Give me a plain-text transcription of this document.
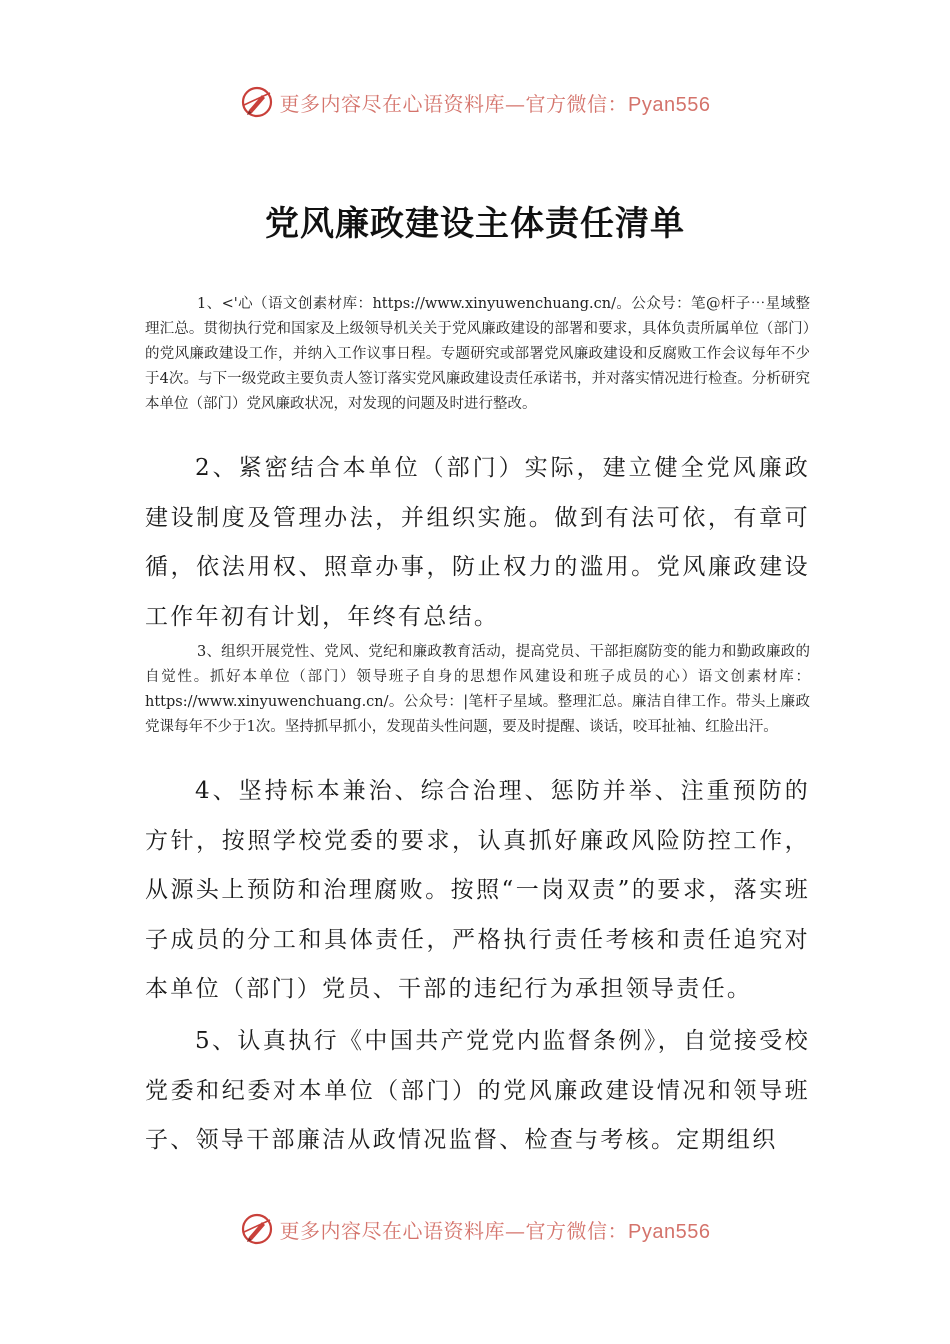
更多内容尽在心语资料库—官方微信：Pyan556
党风廉政建设主体责任清单

1、<'心（语文创素材库：https://www.xinyuwenchuang.cn/。公众号：笔@杆子⋯星域整理汇总。贯彻执行党和国家及上级领导机关关于党风廉政建设的部署和要求，具体负责所属单位（部门）的党风廉政建设工作，并纳入工作议事日程。专题研究或部署党风廉政建设和反腐败工作会议每年不少于4次。与下一级党政主要负责人签订落实党风廉政建设责任承诺书，并对落实情况进行检查。分析研究本单位（部门）党风廉政状况，对发现的问题及时进行整改。

2、紧密结合本单位（部门）实际，建立健全党风廉政建设制度及管理办法，并组织实施。做到有法可依，有章可循，依法用权、照章办事，防止权力的滥用。党风廉政建设工作年初有计划，年终有总结。

3、组织开展党性、党风、党纪和廉政教育活动，提高党员、干部拒腐防变的能力和勤政廉政的自觉性。抓好本单位（部门）领导班子自身的思想作风建设和班子成员的心）语文创素材库：https://www.xinyuwenchuang.cn/。公众号：|笔杆子星域。整理汇总。廉洁自律工作。带头上廉政党课每年不少于1次。坚持抓早抓小，发现苗头性问题，要及时提醒、谈话，咬耳扯袖、红脸出汗。

4、坚持标本兼治、综合治理、惩防并举、注重预防的方针，按照学校党委的要求，认真抓好廉政风险防控工作，从源头上预防和治理腐败。按照“一岗双责”的要求，落实班子成员的分工和具体责任，严格执行责任考核和责任追究对本单位（部门）党员、干部的违纪行为承担领导责任。

5、认真执行《中国共产党党内监督条例》，自觉接受校党委和纪委对本单位（部门）的党风廉政建设情况和领导班子、领导干部廉洁从政情况监督、检查与考核。定期组织

更多内容尽在心语资料库—官方微信：Pyan556
